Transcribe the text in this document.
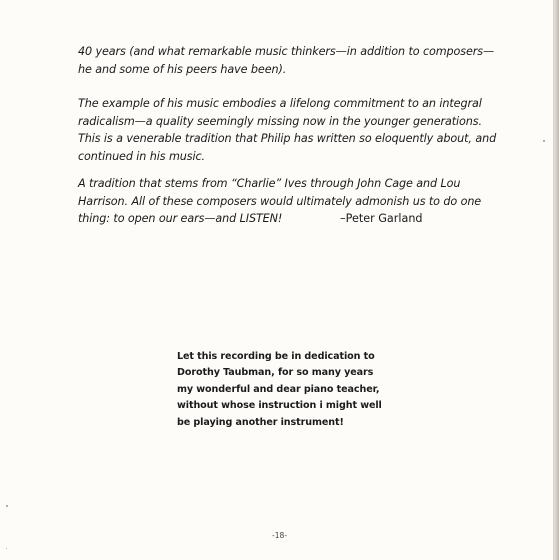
40 years (and what remarkable music thinkers—in addition to composers—he and some of his peers have been).

The example of his music embodies a lifelong commitment to an integral radicalism—a quality seemingly missing now in the younger generations. This is a venerable tradition that Philip has written so eloquently about, and continued in his music.

A tradition that stems from “Charlie” Ives through John Cage and Lou Harrison. All of these composers would ultimately admonish us to do one thing: to open our ears—and LISTEN!	–Peter Garland

Let this recording be in dedication to Dorothy Taubman, for so many years my wonderful and dear piano teacher, without whose instruction i might well be playing another instrument!

-18-
